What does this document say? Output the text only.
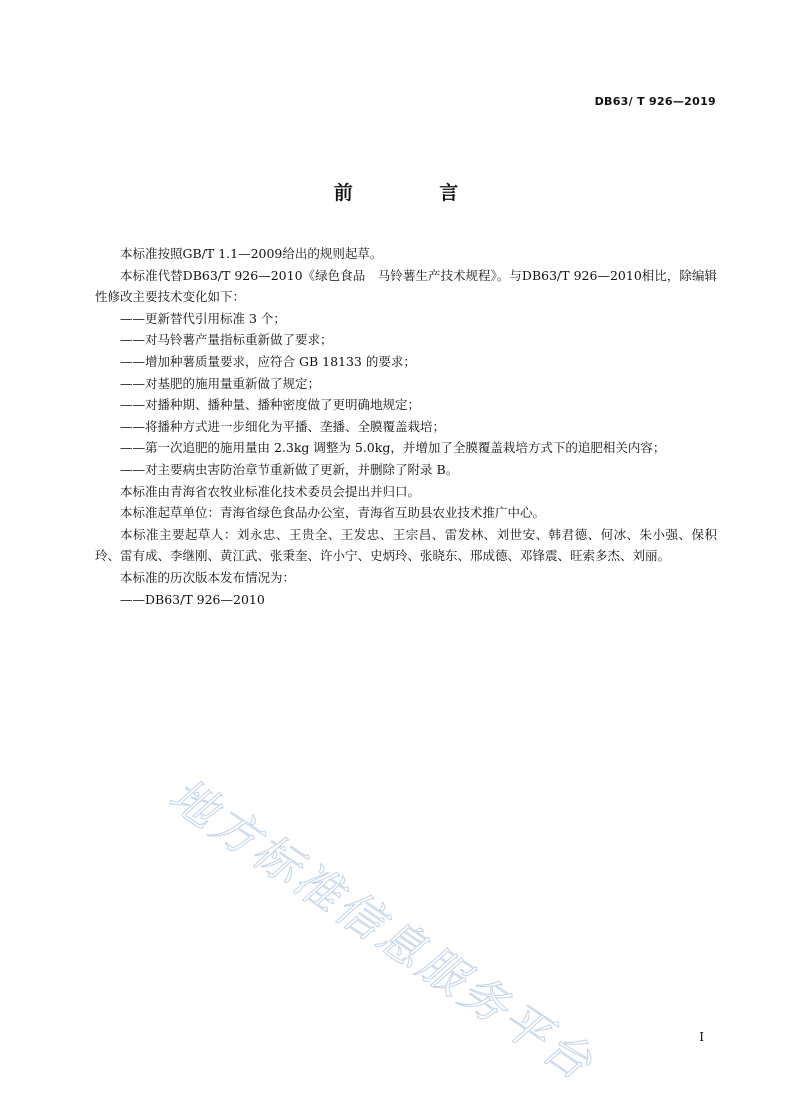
DB63/ T 926—2019
前 言

本标准按照GB/T 1.1—2009给出的规则起草。

本标准代替DB63/T 926—2010《绿色食品　马铃薯生产技术规程》。与DB63/T 926—2010相比，除编辑性修改主要技术变化如下：

——更新替代引用标准 3 个；

——对马铃薯产量指标重新做了要求；

——增加种薯质量要求，应符合 GB 18133 的要求；

——对基肥的施用量重新做了规定；

——对播种期、播种量、播种密度做了更明确地规定；

——将播种方式进一步细化为平播、垄播、全膜覆盖栽培；

——第一次追肥的施用量由 2.3kg 调整为 5.0kg，并增加了全膜覆盖栽培方式下的追肥相关内容；

——对主要病虫害防治章节重新做了更新，并删除了附录 B。

本标准由青海省农牧业标准化技术委员会提出并归口。

本标准起草单位：青海省绿色食品办公室，青海省互助县农业技术推广中心。

本标准主要起草人：刘永忠、王贵全、王发忠、王宗昌、雷发林、刘世安、韩君德、何冰、朱小强、保积玲、雷有成、李继刚、黄江武、张秉奎、许小宁、史炳玲、张晓东、邢成德、邓锋震、旺索多杰、刘丽。

本标准的历次版本发布情况为：

——DB63/T 926—2010

地方标准信息服务平台	I
